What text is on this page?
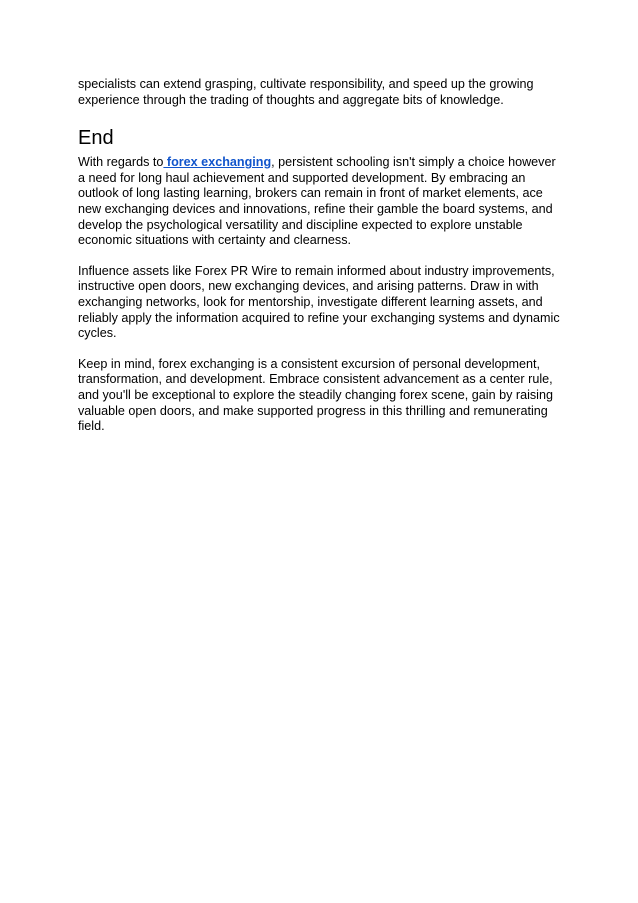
specialists can extend grasping, cultivate responsibility, and speed up the growing experience through the trading of thoughts and aggregate bits of knowledge.

End

With regards to forex exchanging, persistent schooling isn't simply a choice however a need for long haul achievement and supported development. By embracing an outlook of long lasting learning, brokers can remain in front of market elements, ace new exchanging devices and innovations, refine their gamble the board systems, and develop the psychological versatility and discipline expected to explore unstable economic situations with certainty and clearness.

Influence assets like Forex PR Wire to remain informed about industry improvements, instructive open doors, new exchanging devices, and arising patterns. Draw in with exchanging networks, look for mentorship, investigate different learning assets, and reliably apply the information acquired to refine your exchanging systems and dynamic cycles.

Keep in mind, forex exchanging is a consistent excursion of personal development, transformation, and development. Embrace consistent advancement as a center rule, and you'll be exceptional to explore the steadily changing forex scene, gain by raising valuable open doors, and make supported progress in this thrilling and remunerating field.
